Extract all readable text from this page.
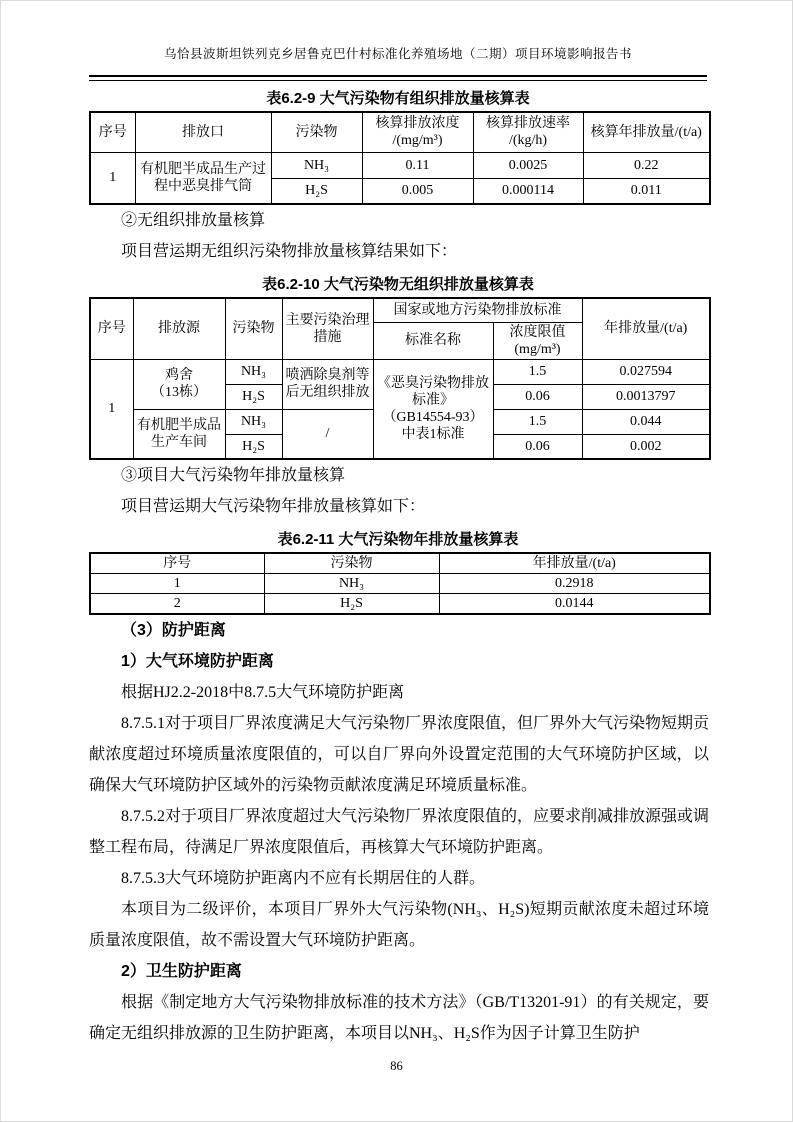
乌恰县波斯坦铁列克乡居鲁克巴什村标准化养殖场地（二期）项目环境影响报告书
表6.2-9 大气污染物有组织排放量核算表
序号	排放口	污染物	核算排放浓度
/(mg/m³)	核算排放速率
/(kg/h)	核算年排放量/(t/a)
1	有机肥半成品生产过程中恶臭排气筒	NH₃	0.11	0.0025	0.22
		H₂S	0.005	0.000114	0.011

②无组织排放量核算

项目营运期无组织污染物排放量核算结果如下：

表6.2-10 大气污染物无组织排放量核算表
序号	排放源	污染物	主要污染治理措施	国家或地方污染物排放标准		年排放量/(t/a)
				标准名称	浓度限值
(mg/m³)	

1	鸡舍
（13栋）	NH₃	喷洒除臭剂等后无组织排放	《恶臭污染物排放标准》
（GB14554-93）
中表1标准	1.5	0.027594
		H₂S			0.06	0.0013797
	有机肥半成品生产车间	NH₃	/		1.5	0.044
		H₂S			0.06	0.002

③项目大气污染物年排放量核算

项目营运期大气污染物年排放量核算如下：

表6.2-11 大气污染物年排放量核算表
序号	污染物	年排放量/(t/a)
1	NH₃	0.2918
2	H₂S	0.0144

（3）防护距离

1）大气环境防护距离

根据HJ2.2-2018中8.7.5大气环境防护距离

8.7.5.1对于项目厂界浓度满足大气污染物厂界浓度限值，但厂界外大气污染物短期贡献浓度超过环境质量浓度限值的，可以自厂界向外设置定范围的大气环境防护区域，以确保大气环境防护区域外的污染物贡献浓度满足环境质量标准。

8.7.5.2对于项目厂界浓度超过大气污染物厂界浓度限值的，应要求削减排放源强或调整工程布局，待满足厂界浓度限值后，再核算大气环境防护距离。

8.7.5.3大气环境防护距离内不应有长期居住的人群。

本项目为二级评价，本项目厂界外大气污染物(NH₃、H₂S)短期贡献浓度未超过环境质量浓度限值，故不需设置大气环境防护距离。

2）卫生防护距离

根据《制定地方大气污染物排放标准的技术方法》（GB/T13201-91）的有关规定，要确定无组织排放源的卫生防护距离，本项目以NH₃、H₂S作为因子计算卫生防护

86
